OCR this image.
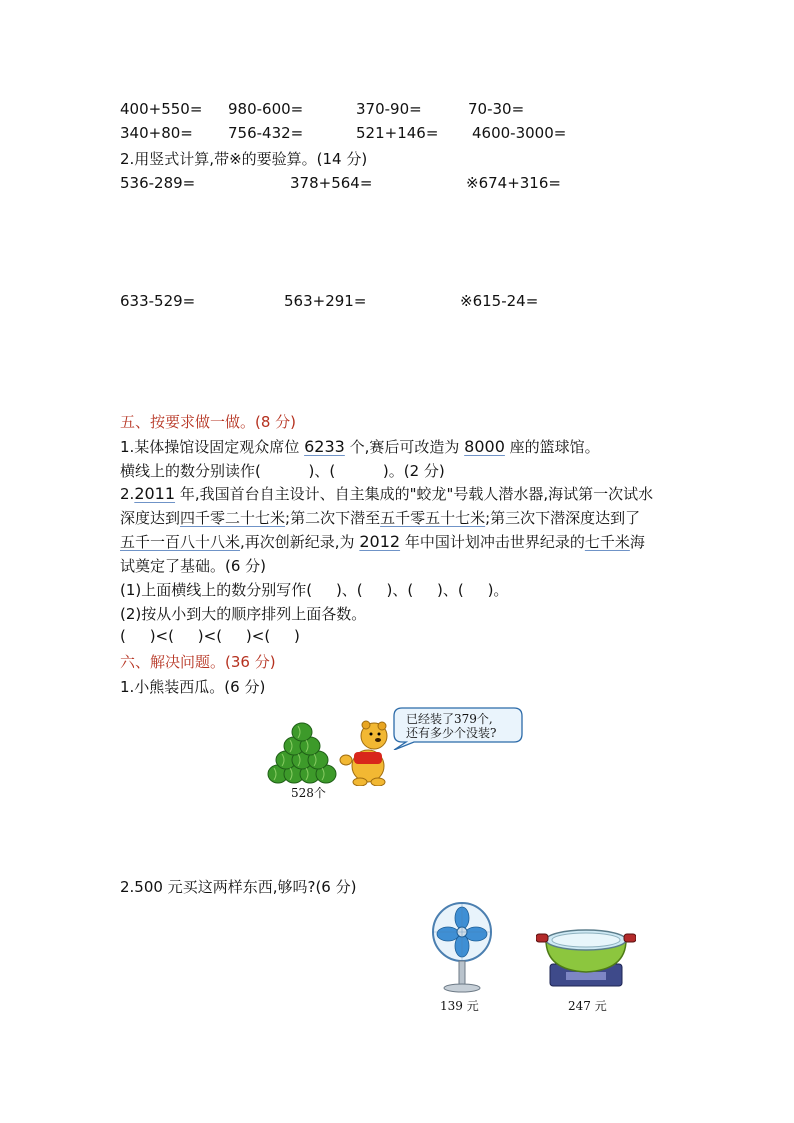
400+550= 980-600=	370-90=	70-30=
340+80= 756-432=	521+146= 4600-3000=
2.用竖式计算,带※的要验算。(14 分)
536-289=	378+564=	※674+316=
633-529=	563+291=	※615-24=
五、按要求做一做。(8 分)
1.某体操馆设固定观众席位 6233 个,赛后可改造为 8000 座的篮球馆。
横线上的数分别读作(          )、(          )。(2 分)
2.2011 年,我国首台自主设计、自主集成的"蛟龙"号载人潜水器,海试第一次试水
深度达到四千零二十七米;第二次下潜至五千零五十七米;第三次下潜深度达到了
五千一百八十八米,再次创新纪录,为 2012 年中国计划冲击世界纪录的七千米海
试奠定了基础。(6 分)
(1)上面横线上的数分别写作(     )、(     )、(     )、(     )。
(2)按从小到大的顺序排列上面各数。
(     )<(     )<(     )<(     )
六、解决问题。(36 分)
1.小熊装西瓜。(6 分)
已经装了379个,
还有多少个没装?
528个
2.500 元买这两样东西,够吗?(6 分)
139 元	247 元
